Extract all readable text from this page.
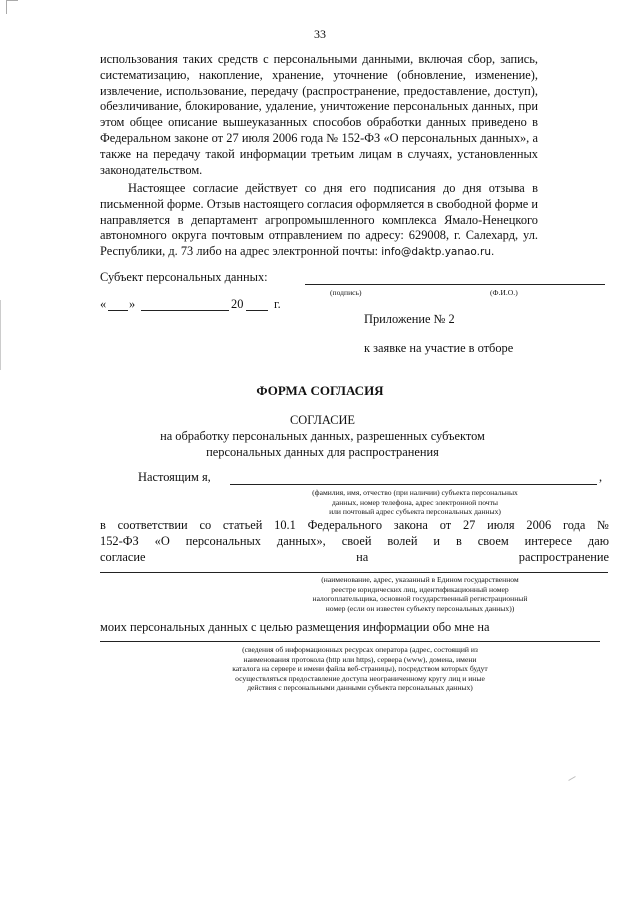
33

использования таких средств с персональными данными, включая сбор, запись, систематизацию, накопление, хранение, уточнение (обновление, изменение), извлечение, использование, передачу (распространение, предоставление, доступ), обезличивание, блокирование, удаление, уничтожение персональных данных, при этом общее описание вышеуказанных способов обработки данных приведено в Федеральном законе от 27 июля 2006 года № 152-ФЗ «О персональных данных», а также на передачу такой информации третьим лицам в случаях, установленных законодательством.

Настоящее согласие действует со дня его подписания до дня отзыва в письменной форме. Отзыв настоящего согласия оформляется в свободной форме и направляется в департамент агропромышленного комплекса Ямало-Ненецкого автономного округа почтовым отправлением по адресу: 629008, г. Салехард, ул. Республики, д. 73 либо на адрес электронной почты: info@daktp.yanao.ru.

Субъект персональных данных:
(подпись)	(Ф.И.О.)
« »	20 г.
Приложение № 2
к заявке на участие в отборе
ФОРМА СОГЛАСИЯ
СОГЛАСИЕ
на обработку персональных данных, разрешенных субъектом
персональных данных для распространения
Настоящим я,	,
(фамилия, имя, отчество (при наличии) субъекта персональных
данных, номер телефона, адрес электронной почты
или почтовый адрес субъекта персональных данных)
в соответствии со статьей 10.1 Федерального закона от 27 июля 2006 года №
152-ФЗ «О персональных данных», своей волей и в своем интересе даю
согласие	на	распространение
(наименование, адрес, указанный в Едином государственном
реестре юридических лиц, идентификационный номер
налогоплательщика, основной государственный регистрационный
номер (если он известен субъекту персональных данных))
моих персональных данных с целью размещения информации обо мне на
(сведения об информационных ресурсах оператора (адрес, состоящий из
наименования протокола (http или https), сервера (www), домена, имени
каталога на сервере и имени файла веб-страницы), посредством которых будут
осуществляться предоставление доступа неограниченному кругу лиц и иные
действия с персональными данными субъекта персональных данных)
